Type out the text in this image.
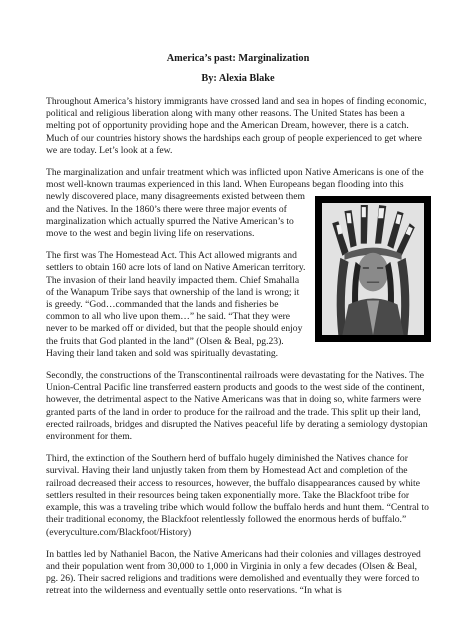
America’s past: Marginalization
By: Alexia Blake

Throughout America’s history immigrants have crossed land and sea in hopes of finding economic, political and religious liberation along with many other reasons. The United States has been a melting pot of opportunity providing hope and the American Dream, however, there is a catch. Much of our countries history shows the hardships each group of people experienced to get where we are today. Let’s look at a few.

The marginalization and unfair treatment which was inflicted upon Native Americans is one of the most well-known traumas experienced in this land. When Europeans began flooding into this

newly discovered place, many disagreements existed between them and the Natives. In the 1860’s there were three major events of marginalization which actually spurred the Native American’s to move to the west and begin living life on reservations.

The first was The Homestead Act. This Act allowed migrants and settlers to obtain 160 acre lots of land on Native American territory. The invasion of their land heavily impacted them. Chief Smahalla of the Wanapum Tribe says that ownership of the land is wrong; it is greedy. “God…commanded that the lands and fisheries be common to all who live upon them…” he said. “That they were never to be marked off or divided, but that the people should enjoy the fruits that God planted in the land” (Olsen & Beal, pg.23). Having their land taken and sold was spiritually devastating.

Secondly, the constructions of the Transcontinental railroads were devastating for the Natives. The Union-Central Pacific line transferred eastern products and goods to the west side of the continent, however, the detrimental aspect to the Native Americans was that in doing so, white farmers were granted parts of the land in order to produce for the railroad and the trade. This split up their land, erected railroads, bridges and disrupted the Natives peaceful life by derating a semiology dystopian environment for them.

Third, the extinction of the Southern herd of buffalo hugely diminished the Natives chance for survival. Having their land unjustly taken from them by Homestead Act and completion of the railroad decreased their access to resources, however, the buffalo disappearances caused by white settlers resulted in their resources being taken exponentially more. Take the Blackfoot tribe for example, this was a traveling tribe which would follow the buffalo herds and hunt them. “Central to their traditional economy, the Blackfoot relentlessly followed the enormous herds of buffalo.” (everyculture.com/Blackfoot/History)

In battles led by Nathaniel Bacon, the Native Americans had their colonies and villages destroyed and their population went from 30,000 to 1,000 in Virginia in only a few decades (Olsen & Beal, pg. 26). Their sacred religions and traditions were demolished and eventually they were forced to retreat into the wilderness and eventually settle onto reservations. “In what is
